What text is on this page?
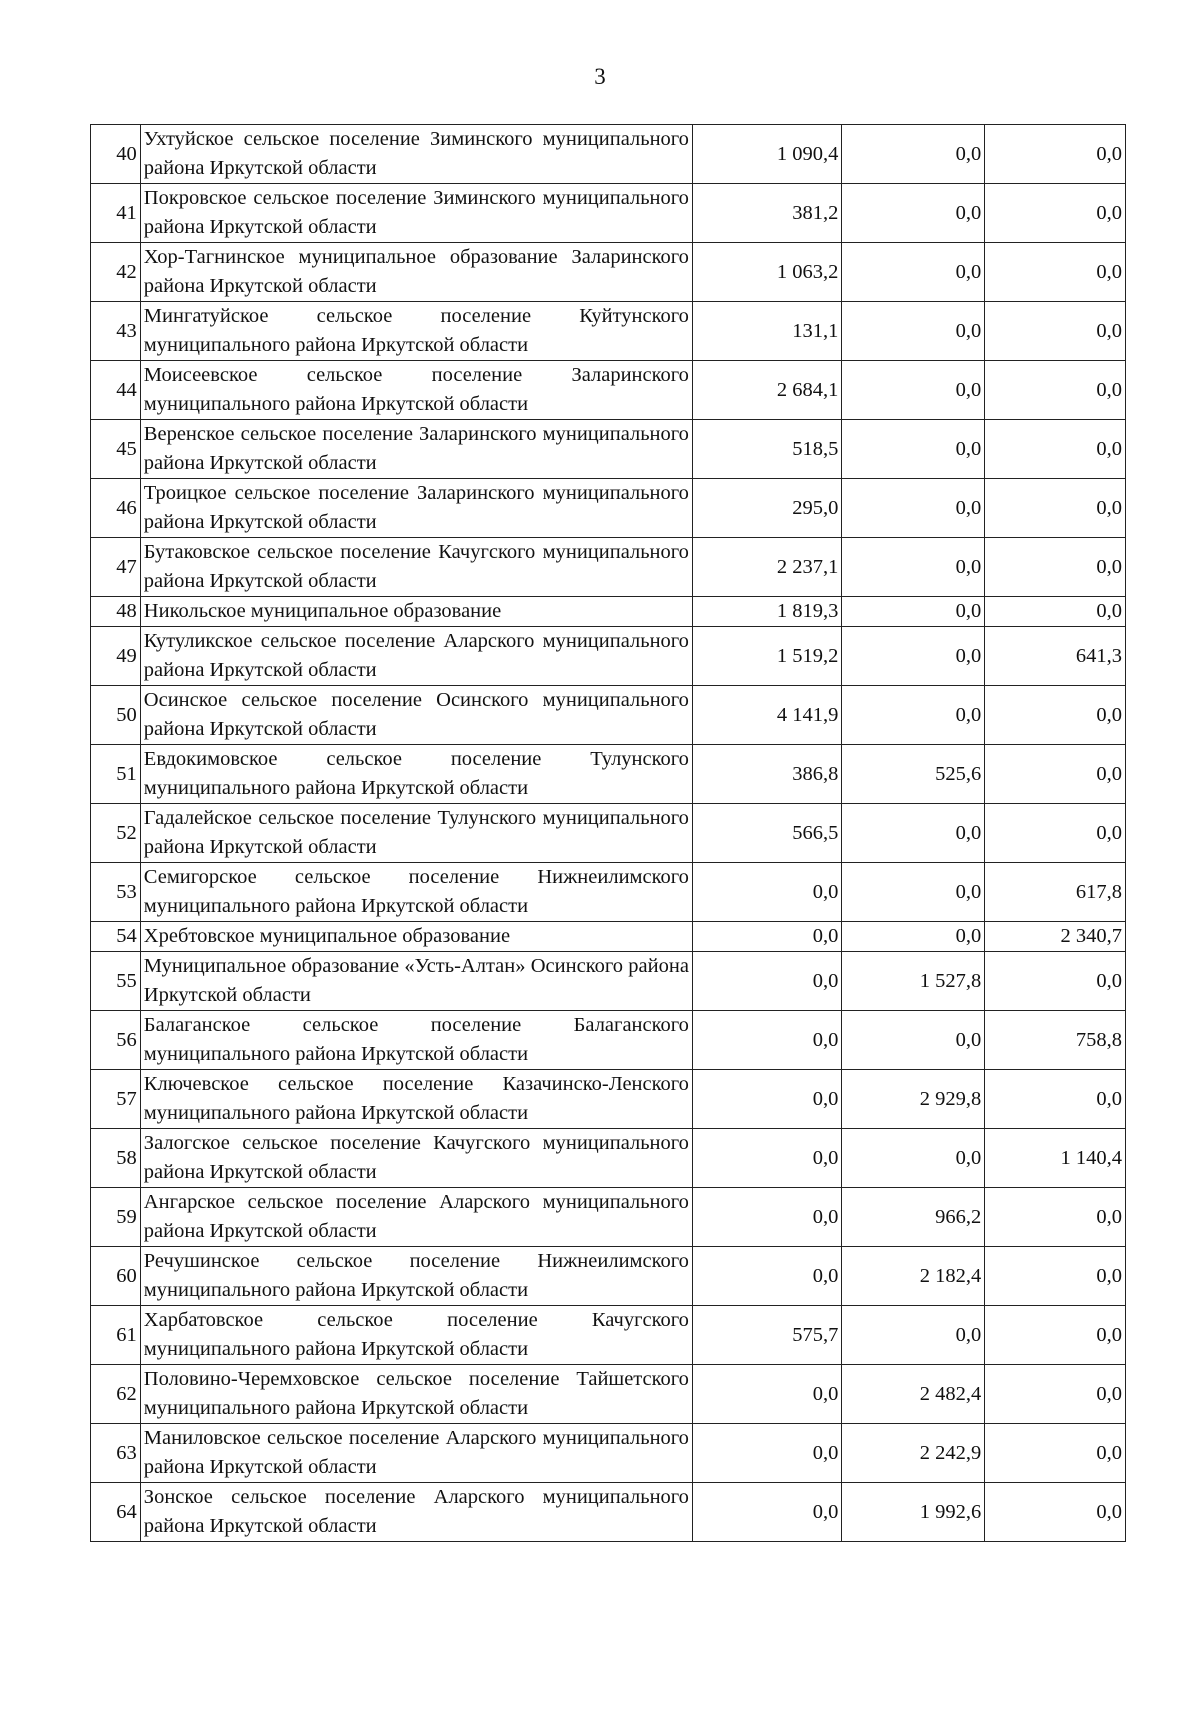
3
40	Ухтуйское сельское поселение Зиминского муниципального района Иркутской области	1 090,4	0,0	0,0
41	Покровское сельское поселение Зиминского муниципального района Иркутской области	381,2	0,0	0,0
42	Хор-Тагнинское муниципальное образование Заларинского района Иркутской области	1 063,2	0,0	0,0
43	Мингатуйское сельское поселение Куйтунского муниципального района Иркутской области	131,1	0,0	0,0
44	Моисеевское сельское поселение Заларинского муниципального района Иркутской области	2 684,1	0,0	0,0
45	Веренское сельское поселение Заларинского муниципального района Иркутской области	518,5	0,0	0,0
46	Троицкое сельское поселение Заларинского муниципального района Иркутской области	295,0	0,0	0,0
47	Бутаковское сельское поселение Качугского муниципального района Иркутской области	2 237,1	0,0	0,0
48	Никольское муниципальное образование	1 819,3	0,0	0,0
49	Кутуликское сельское поселение Аларского муниципального района Иркутской области	1 519,2	0,0	641,3
50	Осинское сельское поселение Осинского муниципального района Иркутской области	4 141,9	0,0	0,0
51	Евдокимовское сельское поселение Тулунского муниципального района Иркутской области	386,8	525,6	0,0
52	Гадалейское сельское поселение Тулунского муниципального района Иркутской области	566,5	0,0	0,0
53	Семигорское сельское поселение Нижнеилимского муниципального района Иркутской области	0,0	0,0	617,8
54	Хребтовское муниципальное образование	0,0	0,0	2 340,7
55	Муниципальное образование «Усть-Алтан» Осинского района Иркутской области	0,0	1 527,8	0,0
56	Балаганское сельское поселение Балаганского муниципального района Иркутской области	0,0	0,0	758,8
57	Ключевское сельское поселение Казачинско-Ленского муниципального района Иркутской области	0,0	2 929,8	0,0
58	Залогское сельское поселение Качугского муниципального района Иркутской области	0,0	0,0	1 140,4
59	Ангарское сельское поселение Аларского муниципального района Иркутской области	0,0	966,2	0,0
60	Речушинское сельское поселение Нижнеилимского муниципального района Иркутской области	0,0	2 182,4	0,0
61	Харбатовское сельское поселение Качугского муниципального района Иркутской области	575,7	0,0	0,0
62	Половино-Черемховское сельское поселение Тайшетского муниципального района Иркутской области	0,0	2 482,4	0,0
63	Маниловское сельское поселение Аларского муниципального района Иркутской области	0,0	2 242,9	0,0
64	Зонское сельское поселение Аларского муниципального района Иркутской области	0,0	1 992,6	0,0
